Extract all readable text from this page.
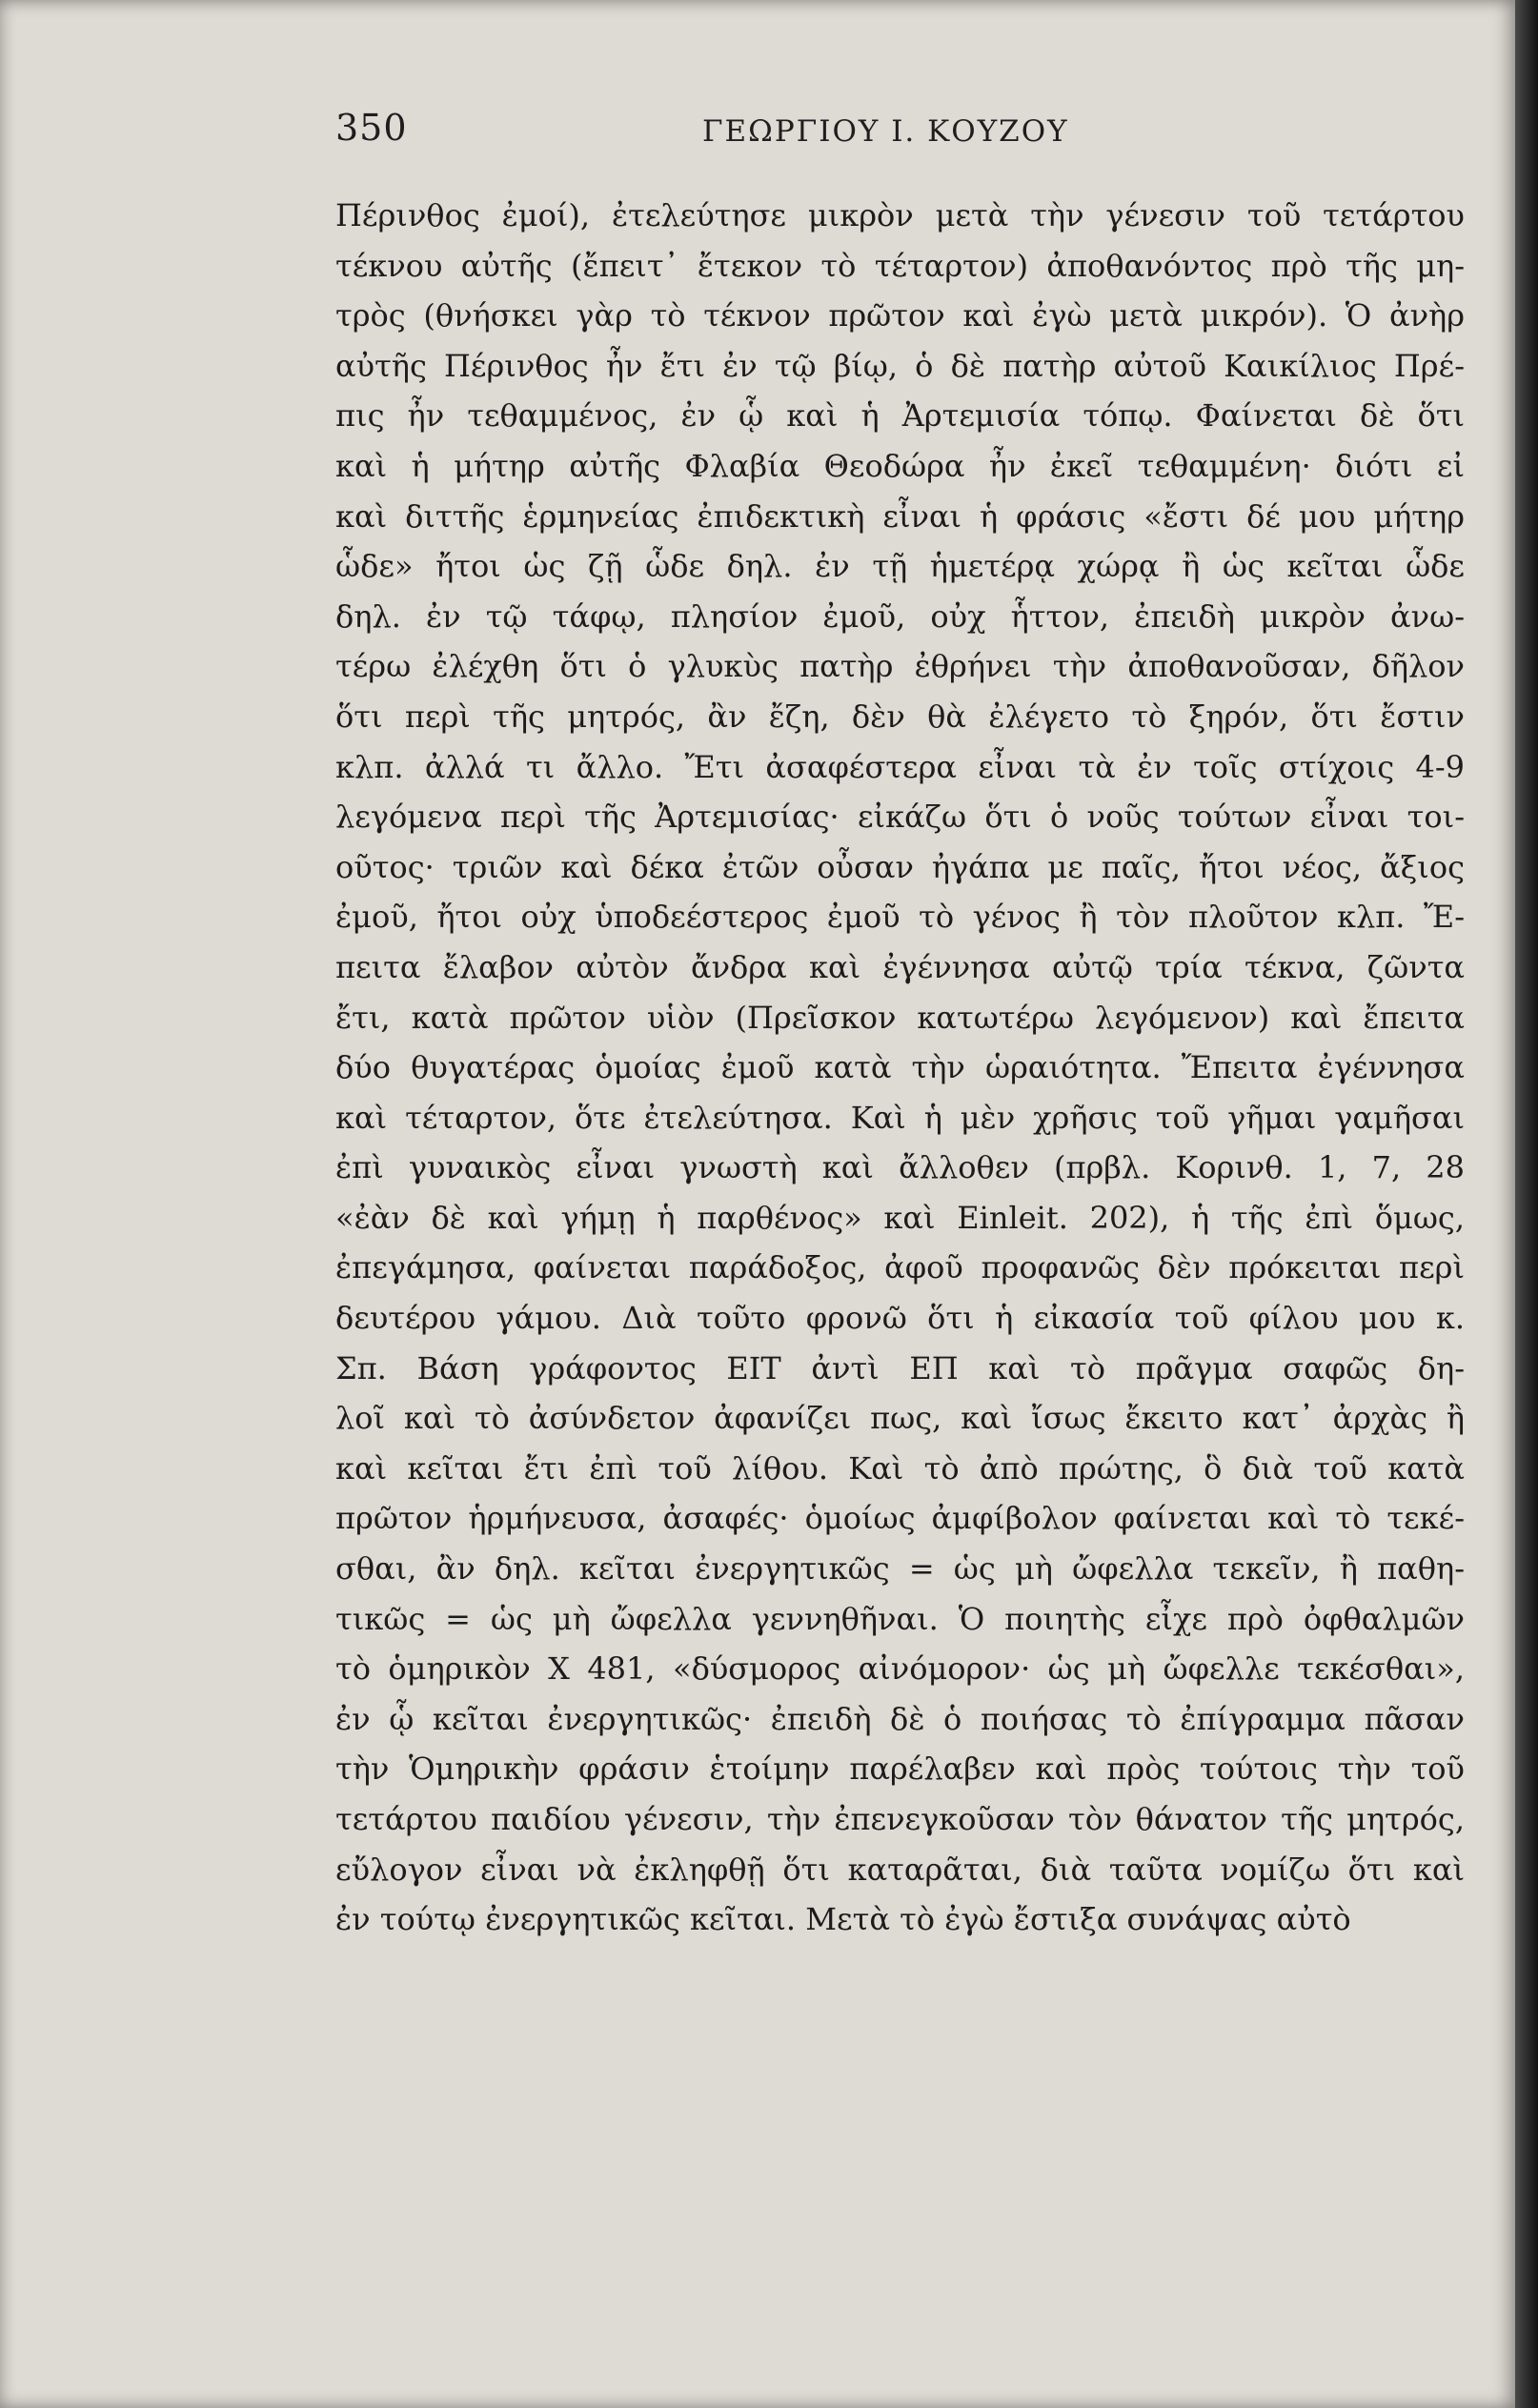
350	ΓΕΩΡΓΙΟΥ Ι. ΚΟΥΖΟΥ
Πέρινθος ἐμοί), ἐτελεύτησε μικρὸν μετὰ τὴν γένεσιν τοῦ τετάρτου
τέκνου αὐτῆς (ἔπειτ᾽ ἔτεκον τὸ τέταρτον) ἀποθανόντος πρὸ τῆς μη-
τρὸς (θνήσκει γὰρ τὸ τέκνον πρῶτον καὶ ἐγὼ μετὰ μικρόν). Ὁ ἀνὴρ
αὐτῆς Πέρινθος ἦν ἔτι ἐν τῷ βίῳ, ὁ δὲ πατὴρ αὐτοῦ Καικίλιος Πρέ-
πις ἦν τεθαμμένος, ἐν ᾧ καὶ ἡ Ἀρτεμισία τόπῳ. Φαίνεται δὲ ὅτι
καὶ ἡ μήτηρ αὐτῆς Φλαβία Θεοδώρα ἦν ἐκεῖ τεθαμμένη· διότι εἰ
καὶ διττῆς ἑρμηνείας ἐπιδεκτικὴ εἶναι ἡ φράσις «ἔστι δέ μου μήτηρ
ὧδε» ἤτοι ὡς ζῇ ὧδε δηλ. ἐν τῇ ἡμετέρᾳ χώρᾳ ἢ ὡς κεῖται ὧδε
δηλ. ἐν τῷ τάφῳ, πλησίον ἐμοῦ, οὐχ ἧττον, ἐπειδὴ μικρὸν ἀνω-
τέρω ἐλέχθη ὅτι ὁ γλυκὺς πατὴρ ἐθρήνει τὴν ἀποθανοῦσαν, δῆλον
ὅτι περὶ τῆς μητρός, ἂν ἔζη, δὲν θὰ ἐλέγετο τὸ ξηρόν, ὅτι ἔστιν
κλπ. ἀλλά τι ἄλλο. Ἔτι ἀσαφέστερα εἶναι τὰ ἐν τοῖς στίχοις 4-9
λεγόμενα περὶ τῆς Ἀρτεμισίας· εἰκάζω ὅτι ὁ νοῦς τούτων εἶναι τοι-
οῦτος· τριῶν καὶ δέκα ἐτῶν οὖσαν ἠγάπα με παῖς, ἤτοι νέος, ἄξιος
ἐμοῦ, ἤτοι οὐχ ὑποδεέστερος ἐμοῦ τὸ γένος ἢ τὸν πλοῦτον κλπ. Ἔ-
πειτα ἔλαβον αὐτὸν ἄνδρα καὶ ἐγέννησα αὐτῷ τρία τέκνα, ζῶντα
ἔτι, κατὰ πρῶτον υἱὸν (Πρεῖσκον κατωτέρω λεγόμενον) καὶ ἔπειτα
δύο θυγατέρας ὁμοίας ἐμοῦ κατὰ τὴν ὡραιότητα. Ἔπειτα ἐγέννησα
καὶ τέταρτον, ὅτε ἐτελεύτησα. Καὶ ἡ μὲν χρῆσις τοῦ γῆμαι γαμῆσαι
ἐπὶ γυναικὸς εἶναι γνωστὴ καὶ ἄλλοθεν (πρβλ. Κορινθ. 1, 7, 28
«ἐὰν δὲ καὶ γήμῃ ἡ παρθένος» καὶ Einleit. 202), ἡ τῆς ἐπὶ ὅμως,
ἐπεγάμησα, φαίνεται παράδοξος, ἀφοῦ προφανῶς δὲν πρόκειται περὶ
δευτέρου γάμου. Διὰ τοῦτο φρονῶ ὅτι ἡ εἰκασία τοῦ φίλου μου κ.
Σπ. Βάση γράφοντος ΕΙΤ ἀντὶ ΕΠ καὶ τὸ πρᾶγμα σαφῶς δη-
λοῖ καὶ τὸ ἀσύνδετον ἀφανίζει πως, καὶ ἴσως ἔκειτο κατ᾽ ἀρχὰς ἢ
καὶ κεῖται ἔτι ἐπὶ τοῦ λίθου. Καὶ τὸ ἀπὸ πρώτης, ὃ διὰ τοῦ κατὰ
πρῶτον ἡρμήνευσα, ἀσαφές· ὁμοίως ἀμφίβολον φαίνεται καὶ τὸ τεκέ-
σθαι, ἂν δηλ. κεῖται ἐνεργητικῶς = ὡς μὴ ὤφελλα τεκεῖν, ἢ παθη-
τικῶς = ὡς μὴ ὤφελλα γεννηθῆναι. Ὁ ποιητὴς εἶχε πρὸ ὀφθαλμῶν
τὸ ὁμηρικὸν Χ 481, «δύσμορος αἰνόμορον· ὡς μὴ ὤφελλε τεκέσθαι»,
ἐν ᾧ κεῖται ἐνεργητικῶς· ἐπειδὴ δὲ ὁ ποιήσας τὸ ἐπίγραμμα πᾶσαν
τὴν Ὁμηρικὴν φράσιν ἑτοίμην παρέλαβεν καὶ πρὸς τούτοις τὴν τοῦ
τετάρτου παιδίου γένεσιν, τὴν ἐπενεγκοῦσαν τὸν θάνατον τῆς μητρός,
εὔλογον εἶναι νὰ ἐκληφθῇ ὅτι καταρᾶται, διὰ ταῦτα νομίζω ὅτι καὶ
ἐν τούτῳ ἐνεργητικῶς κεῖται. Μετὰ τὸ ἐγὼ ἔστιξα συνάψας αὐτὸ
